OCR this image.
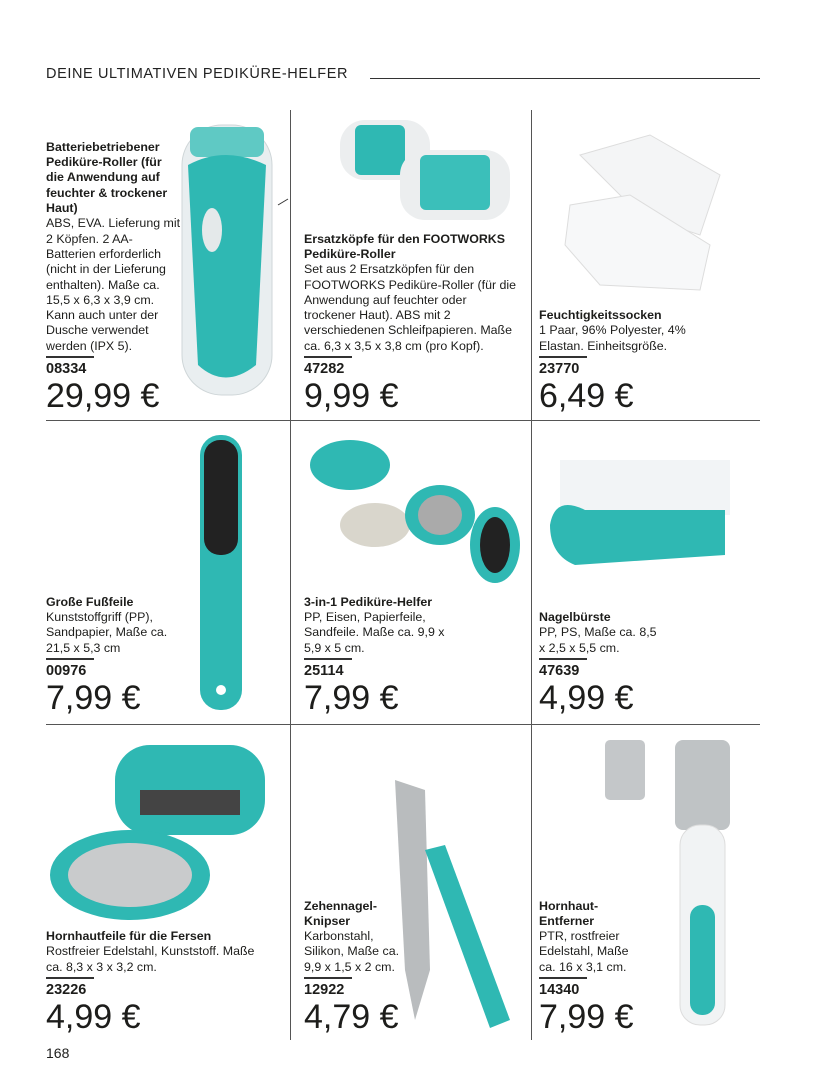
DEINE ULTIMATIVEN PEDIKÜRE-HELFER
Batteriebetriebener Pediküre-Roller (für die Anwendung auf feuchter & trockener Haut)
ABS, EVA. Lieferung mit 2 Köpfen. 2 AA-Batterien erforderlich (nicht in der Lieferung enthalten). Maße ca. 15,5 x 6,3 x 3,9 cm. Kann auch unter der Dusche verwendet werden (IPX 5).
08334
29,99 €
Ersatzköpfe für den FOOTWORKS Pediküre-Roller
Set aus 2 Ersatzköpfen für den FOOTWORKS Pediküre-Roller (für die Anwendung auf feuchter oder trockener Haut). ABS mit 2 verschiedenen Schleifpapieren. Maße ca. 6,3 x 3,5 x 3,8 cm (pro Kopf).
47282
9,99 €
Feuchtigkeitssocken
1 Paar, 96% Polyester, 4% Elastan. Einheitsgröße.
23770
6,49 €
Große Fußfeile
Kunststoffgriff (PP), Sandpapier, Maße ca. 21,5 x 5,3 cm
00976
7,99 €
3-in-1 Pediküre-Helfer
PP, Eisen, Papierfeile, Sandfeile. Maße ca. 9,9 x 5,9 x 5 cm.
25114
7,99 €
Nagelbürste
PP, PS, Maße ca. 8,5 x 2,5 x 5,5 cm.
47639
4,99 €
Hornhautfeile für die Fersen
Rostfreier Edelstahl, Kunststoff. Maße ca. 8,3 x 3 x 3,2 cm.
23226
4,99 €
Zehennagel-Knipser
Karbonstahl, Silikon, Maße ca. 9,9 x 1,5 x 2 cm.
12922
4,79 €
Hornhaut-Entferner
PTR, rostfreier Edelstahl, Maße ca. 16 x 3,1 cm.
14340
7,99 €
168
